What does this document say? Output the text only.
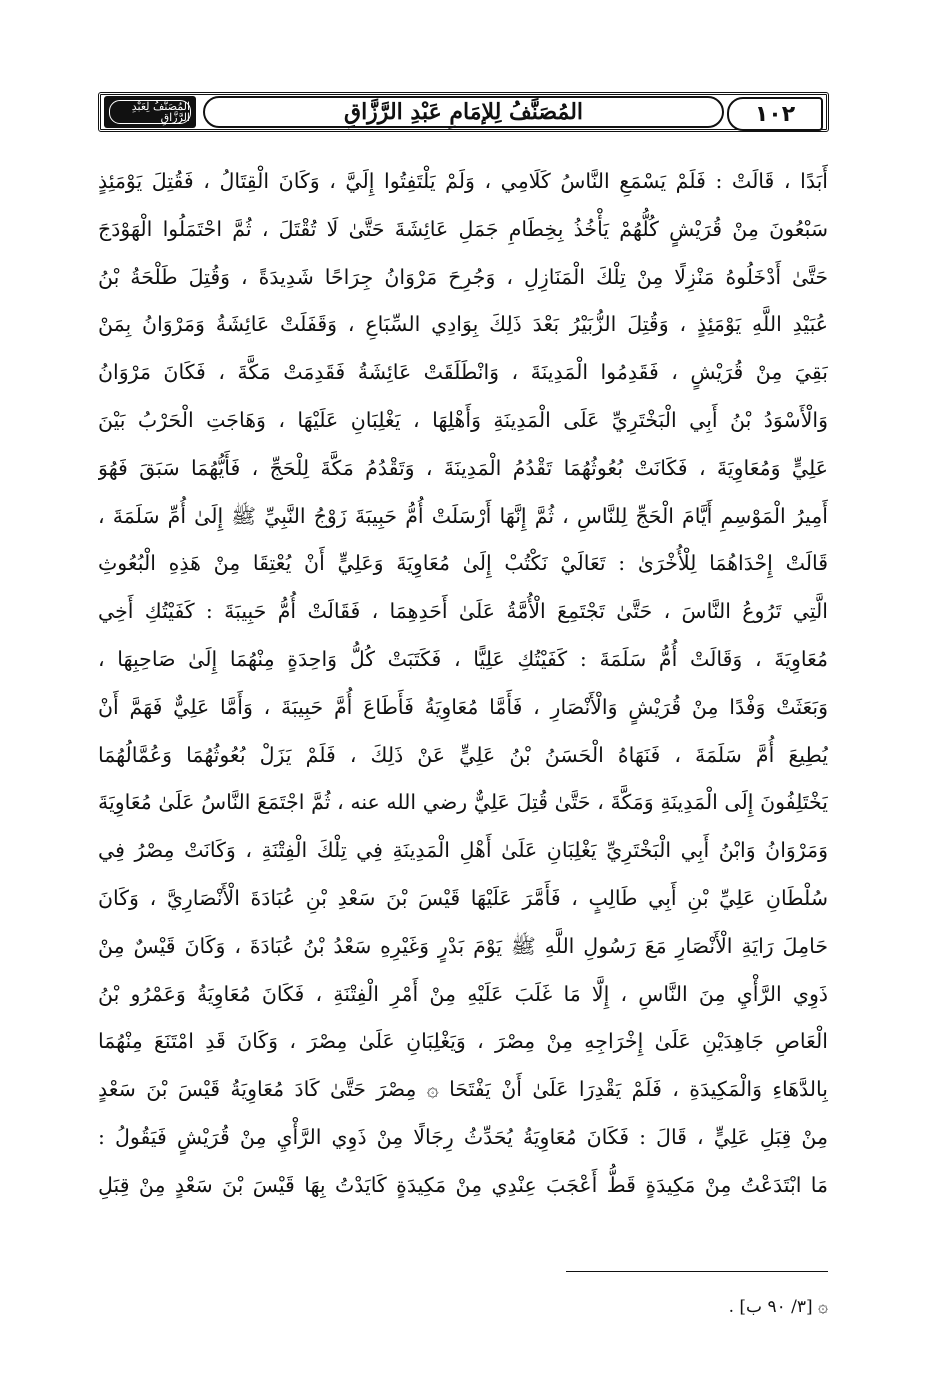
١٠٢
المُصَنَّفُ لِلإمَامِ عَبْدِ الرَّزَّاقِ
المُصَنَّفُ لِعَبْدِ الرَّزَّاقِ
أَبَدًا ، قَالَتْ : فَلَمْ يَسْمَعِ النَّاسُ كَلَامِي ، وَلَمْ يَلْتَفِتُوا إِلَيَّ ، وَكَانَ الْقِتَالُ ، فَقُتِلَ يَوْمَئِذٍ
سَبْعُونَ مِنْ قُرَيْشٍ كُلُّهُمْ يَأْخُذُ بِخِطَامِ جَمَلِ عَائِشَةَ حَتَّىٰ لَا تُقْتَلَ ، ثُمَّ احْتَمَلُوا الْهَوْدَجَ
حَتَّىٰ أَدْخَلُوهُ مَنْزِلًا مِنْ تِلْكَ الْمَنَازِلِ ، وَجُرِحَ مَرْوَانُ جِرَاحًا شَدِيدَةً ، وَقُتِلَ طَلْحَةُ بْنُ
عُبَيْدِ اللَّهِ يَوْمَئِذٍ ، وَقُتِلَ الزُّبَيْرُ بَعْدَ ذَلِكَ بِوَادِي السِّبَاعِ ، وَقَفَلَتْ عَائِشَةُ وَمَرْوَانُ بِمَنْ
بَقِيَ مِنْ قُرَيْشٍ ، فَقَدِمُوا الْمَدِينَةَ ، وَانْطَلَقَتْ عَائِشَةُ فَقَدِمَتْ مَكَّةَ ، فَكَانَ مَرْوَانُ
وَالْأَسْوَدُ بْنُ أَبِي الْبَخْتَرِيِّ عَلَى الْمَدِينَةِ وَأَهْلِهَا ، يَغْلِبَانِ عَلَيْهَا ، وَهَاجَتِ الْحَرْبُ بَيْنَ
عَلِيٍّ وَمُعَاوِيَةَ ، فَكَانَتْ بُعُوثُهُمَا تَقْدُمُ الْمَدِينَةَ ، وَتَقْدُمُ مَكَّةَ لِلْحَجِّ ، فَأَيُّهُمَا سَبَقَ فَهُوَ
أَمِيرُ الْمَوْسِمِ أَيَّامَ الْحَجِّ لِلنَّاسِ ، ثُمَّ إِنَّهَا أَرْسَلَتْ أُمُّ حَبِيبَةَ زَوْجُ النَّبِيِّ ﷺ إِلَىٰ أُمِّ سَلَمَةَ ،
قَالَتْ إِحْدَاهُمَا لِلْأُخْرَىٰ : تَعَالَيْ نَكْتُبْ إِلَىٰ مُعَاوِيَةَ وَعَلِيٍّ أَنْ يُعْتِقَا مِنْ هَذِهِ الْبُعُوثِ
الَّتِي تَرُوعُ النَّاسَ ، حَتَّىٰ تَجْتَمِعَ الْأُمَّةُ عَلَىٰ أَحَدِهِمَا ، فَقَالَتْ أُمُّ حَبِيبَةَ : كَفَيْتُكِ أَخِي
مُعَاوِيَةَ ، وَقَالَتْ أُمُّ سَلَمَةَ : كَفَيْتُكِ عَلِيًّا ، فَكَتَبَتْ كُلُّ وَاحِدَةٍ مِنْهُمَا إِلَىٰ صَاحِبِهَا ،
وَبَعَثَتْ وَفْدًا مِنْ قُرَيْشٍ وَالْأَنْصَارِ ، فَأَمَّا مُعَاوِيَةُ فَأَطَاعَ أُمَّ حَبِيبَةَ ، وَأَمَّا عَلِيٌّ فَهَمَّ أَنْ
يُطِيعَ أُمَّ سَلَمَةَ ، فَنَهَاهُ الْحَسَنُ بْنُ عَلِيٍّ عَنْ ذَلِكَ ، فَلَمْ يَزَلْ بُعُوثُهُمَا وَعُمَّالُهُمَا
يَخْتَلِفُونَ إِلَى الْمَدِينَةِ وَمَكَّةَ ، حَتَّىٰ قُتِلَ عَلِيٌّ رضي الله عنه ، ثُمَّ اجْتَمَعَ النَّاسُ عَلَىٰ مُعَاوِيَةَ
وَمَرْوَانُ وَابْنُ أَبِي الْبَخْتَرِيِّ يَغْلِبَانِ عَلَىٰ أَهْلِ الْمَدِينَةِ فِي تِلْكَ الْفِتْنَةِ ، وَكَانَتْ مِصْرُ فِي
سُلْطَانِ عَلِيِّ بْنِ أَبِي طَالِبٍ ، فَأَمَّرَ عَلَيْهَا قَيْسَ بْنَ سَعْدِ بْنِ عُبَادَةَ الْأَنْصَارِيَّ ، وَكَانَ
حَامِلَ رَايَةِ الْأَنْصَارِ مَعَ رَسُولِ اللَّهِ ﷺ يَوْمَ بَدْرٍ وَغَيْرِهِ سَعْدُ بْنُ عُبَادَةَ ، وَكَانَ قَيْسٌ مِنْ
ذَوِي الرَّأْيِ مِنَ النَّاسِ ، إِلَّا مَا غَلَبَ عَلَيْهِ مِنْ أَمْرِ الْفِتْنَةِ ، فَكَانَ مُعَاوِيَةُ وَعَمْرُو بْنُ
الْعَاصِ جَاهِدَيْنِ عَلَىٰ إِخْرَاجِهِ مِنْ مِصْرَ ، وَيَغْلِبَانِ عَلَىٰ مِصْرَ ، وَكَانَ قَدِ امْتَنَعَ مِنْهُمَا
بِالدَّهَاءِ وَالْمَكِيدَةِ ، فَلَمْ يَقْدِرَا عَلَىٰ أَنْ يَفْتَحَا ۞ مِصْرَ حَتَّىٰ كَادَ مُعَاوِيَةُ قَيْسَ بْنَ سَعْدٍ
مِنْ قِبَلِ عَلِيٍّ ، قَالَ : فَكَانَ مُعَاوِيَةُ يُحَدِّثُ رِجَالًا مِنْ ذَوِي الرَّأْيِ مِنْ قُرَيْشٍ فَيَقُولُ :
مَا ابْتَدَعْتُ مِنْ مَكِيدَةٍ قَطُّ أَعْجَبَ عِنْدِي مِنْ مَكِيدَةٍ كَايَدْتُ بِهَا قَيْسَ بْنَ سَعْدٍ مِنْ قِبَلِ
۞ [٣/ ٩٠ ب] .
